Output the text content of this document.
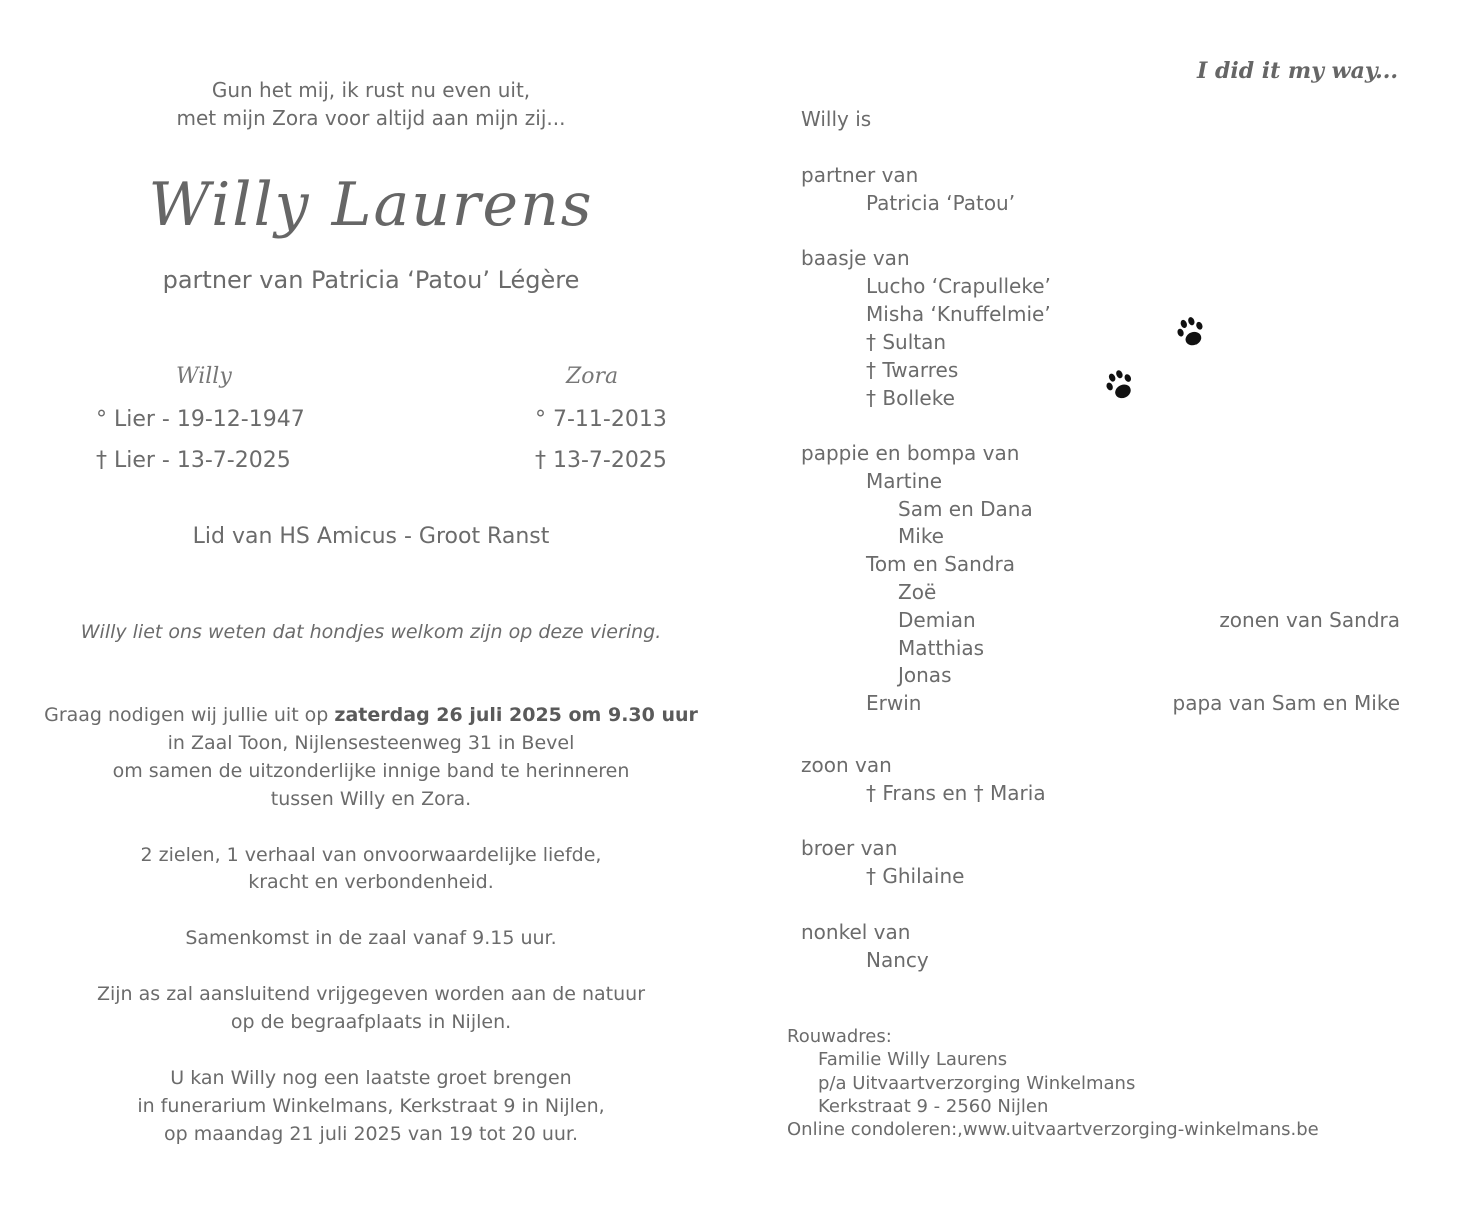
Gun het mij, ik rust nu even uit,
met mijn Zora voor altijd aan mijn zij...
Willy Laurens
partner van Patricia ‘Patou’ Légère
Willy
° Lier - 19-12-1947
† Lier - 13-7-2025
Zora
° 7-11-2013
† 13-7-2025
Lid van HS Amicus - Groot Ranst
Willy liet ons weten dat hondjes welkom zijn op deze viering.
Graag nodigen wij jullie uit op zaterdag 26 juli 2025 om 9.30 uur
in Zaal Toon, Nijlensesteenweg 31 in Bevel
om samen de uitzonderlijke innige band te herinneren
tussen Willy en Zora.
2 zielen, 1 verhaal van onvoorwaardelijke liefde,
kracht en verbondenheid.
Samenkomst in de zaal vanaf 9.15 uur.
Zijn as zal aansluitend vrijgegeven worden aan de natuur
op de begraafplaats in Nijlen.
U kan Willy nog een laatste groet brengen
in funerarium Winkelmans, Kerkstraat 9 in Nijlen,
op maandag 21 juli 2025 van 19 tot 20 uur.
I did it my way...
Willy is
partner van
Patricia ‘Patou’
baasje van
Lucho ‘Crapulleke’
Misha ‘Knuffelmie’
† Sultan
† Twarres
† Bolleke
pappie en bompa van
Martine
Sam en Dana
Mike
Tom en Sandra
Zoë
Demian
Matthias
Jonas
zonen van Sandra
Erwin	papa van Sam en Mike
zoon van
† Frans en † Maria
broer van
† Ghilaine
nonkel van
Nancy
Rouwadres:
Familie Willy Laurens
p/a Uitvaartverzorging Winkelmans
Kerkstraat 9 - 2560 Nijlen
Online condoleren:,www.uitvaartverzorging-winkelmans.be
